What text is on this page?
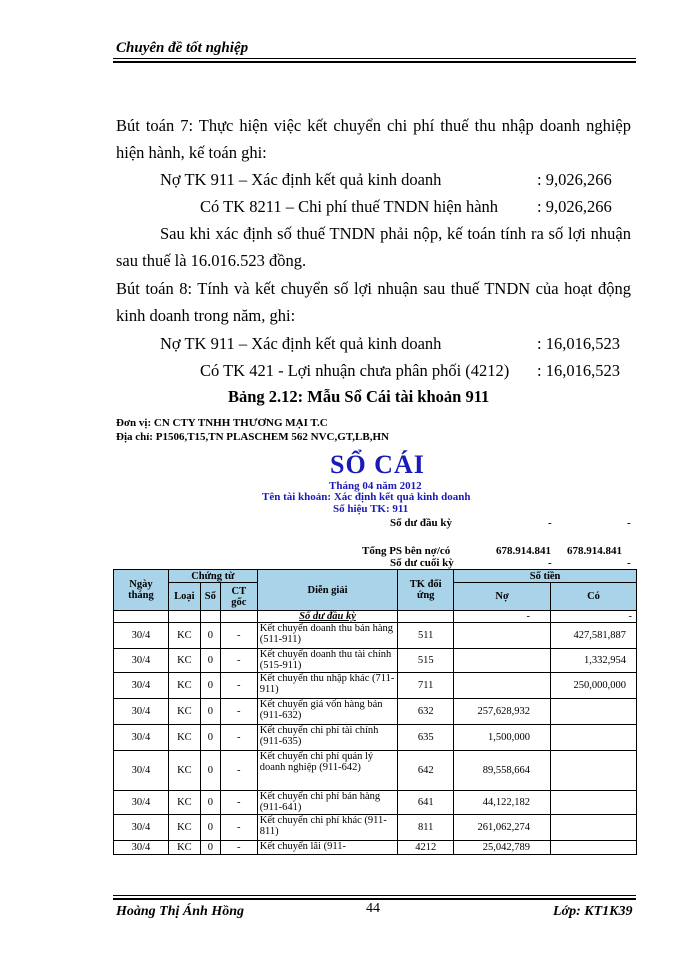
Chuyên đề tốt nghiệp
Bút toán 7: Thực hiện việc kết chuyển chi phí thuế thu nhập doanh nghiệp
hiện hành, kế toán ghi:
Nợ TK 911 – Xác định kết quả kinh doanh	: 9,026,266
Có TK 8211 – Chi phí thuế TNDN hiện hành : 9,026,266
Sau khi xác định số thuế TNDN phải nộp, kế toán tính ra số lợi nhuận
sau thuế là 16.016.523 đồng.
Bút toán 8: Tính và kết chuyển số lợi nhuận sau thuế TNDN của hoạt động
kinh doanh trong năm, ghi:
Nợ TK 911 – Xác định kết quả kinh doanh	: 16,016,523
Có TK 421 - Lợi nhuận chưa phân phối (4212) : 16,016,523
Bảng 2.12: Mẫu Sổ Cái tài khoản 911
Đơn vị: CN CTY TNHH THƯƠNG MẠI T.C
Địa chỉ: P1506,T15,TN PLASCHEM 562 NVC,GT,LB,HN
SỔ CÁI
Tháng 04 năm 2012
Tên tài khoản: Xác định kết quả kinh doanh
Số hiệu TK: 911
Số dư đầu kỳ	-	-
Tổng PS bên nợ/có	678.914.841 678.914.841
Số dư cuối kỳ	-	-
Ngày tháng	Chứng từ			Diễn giải	TK đối ứng	Số tiền	
	Loại	Số	CT gốc			Nợ	Có
				Số dư đầu kỳ		-	-
30/4	KC	0	-	Kết chuyển doanh thu bán hàng (511-911)	511		427,581,887
30/4	KC	0	-	Kết chuyển doanh thu tài chính (515-911)	515		1,332,954
30/4	KC	0	-	Kết chuyển thu nhập khác (711-911)	711		250,000,000
30/4	KC	0	-	Kết chuyển giá vốn hàng bán (911-632)	632	257,628,932	
30/4	KC	0	-	Kết chuyển chi phí tài chính (911-635)	635	1,500,000	
30/4	KC	0	-	Kết chuyển chi phí quản lý doanh nghiệp (911-642)	642	89,558,664	
30/4	KC	0	-	Kết chuyển chi phí bán hàng (911-641)	641	44,122,182	
30/4	KC	0	-	Kết chuyển chi phí khác (911-811)	811	261,062,274	
30/4	KC	0	-	Kết chuyển lãi (911-	4212	25,042,789	
Hoàng Thị Ánh Hồng	44	Lớp: KT1K39
